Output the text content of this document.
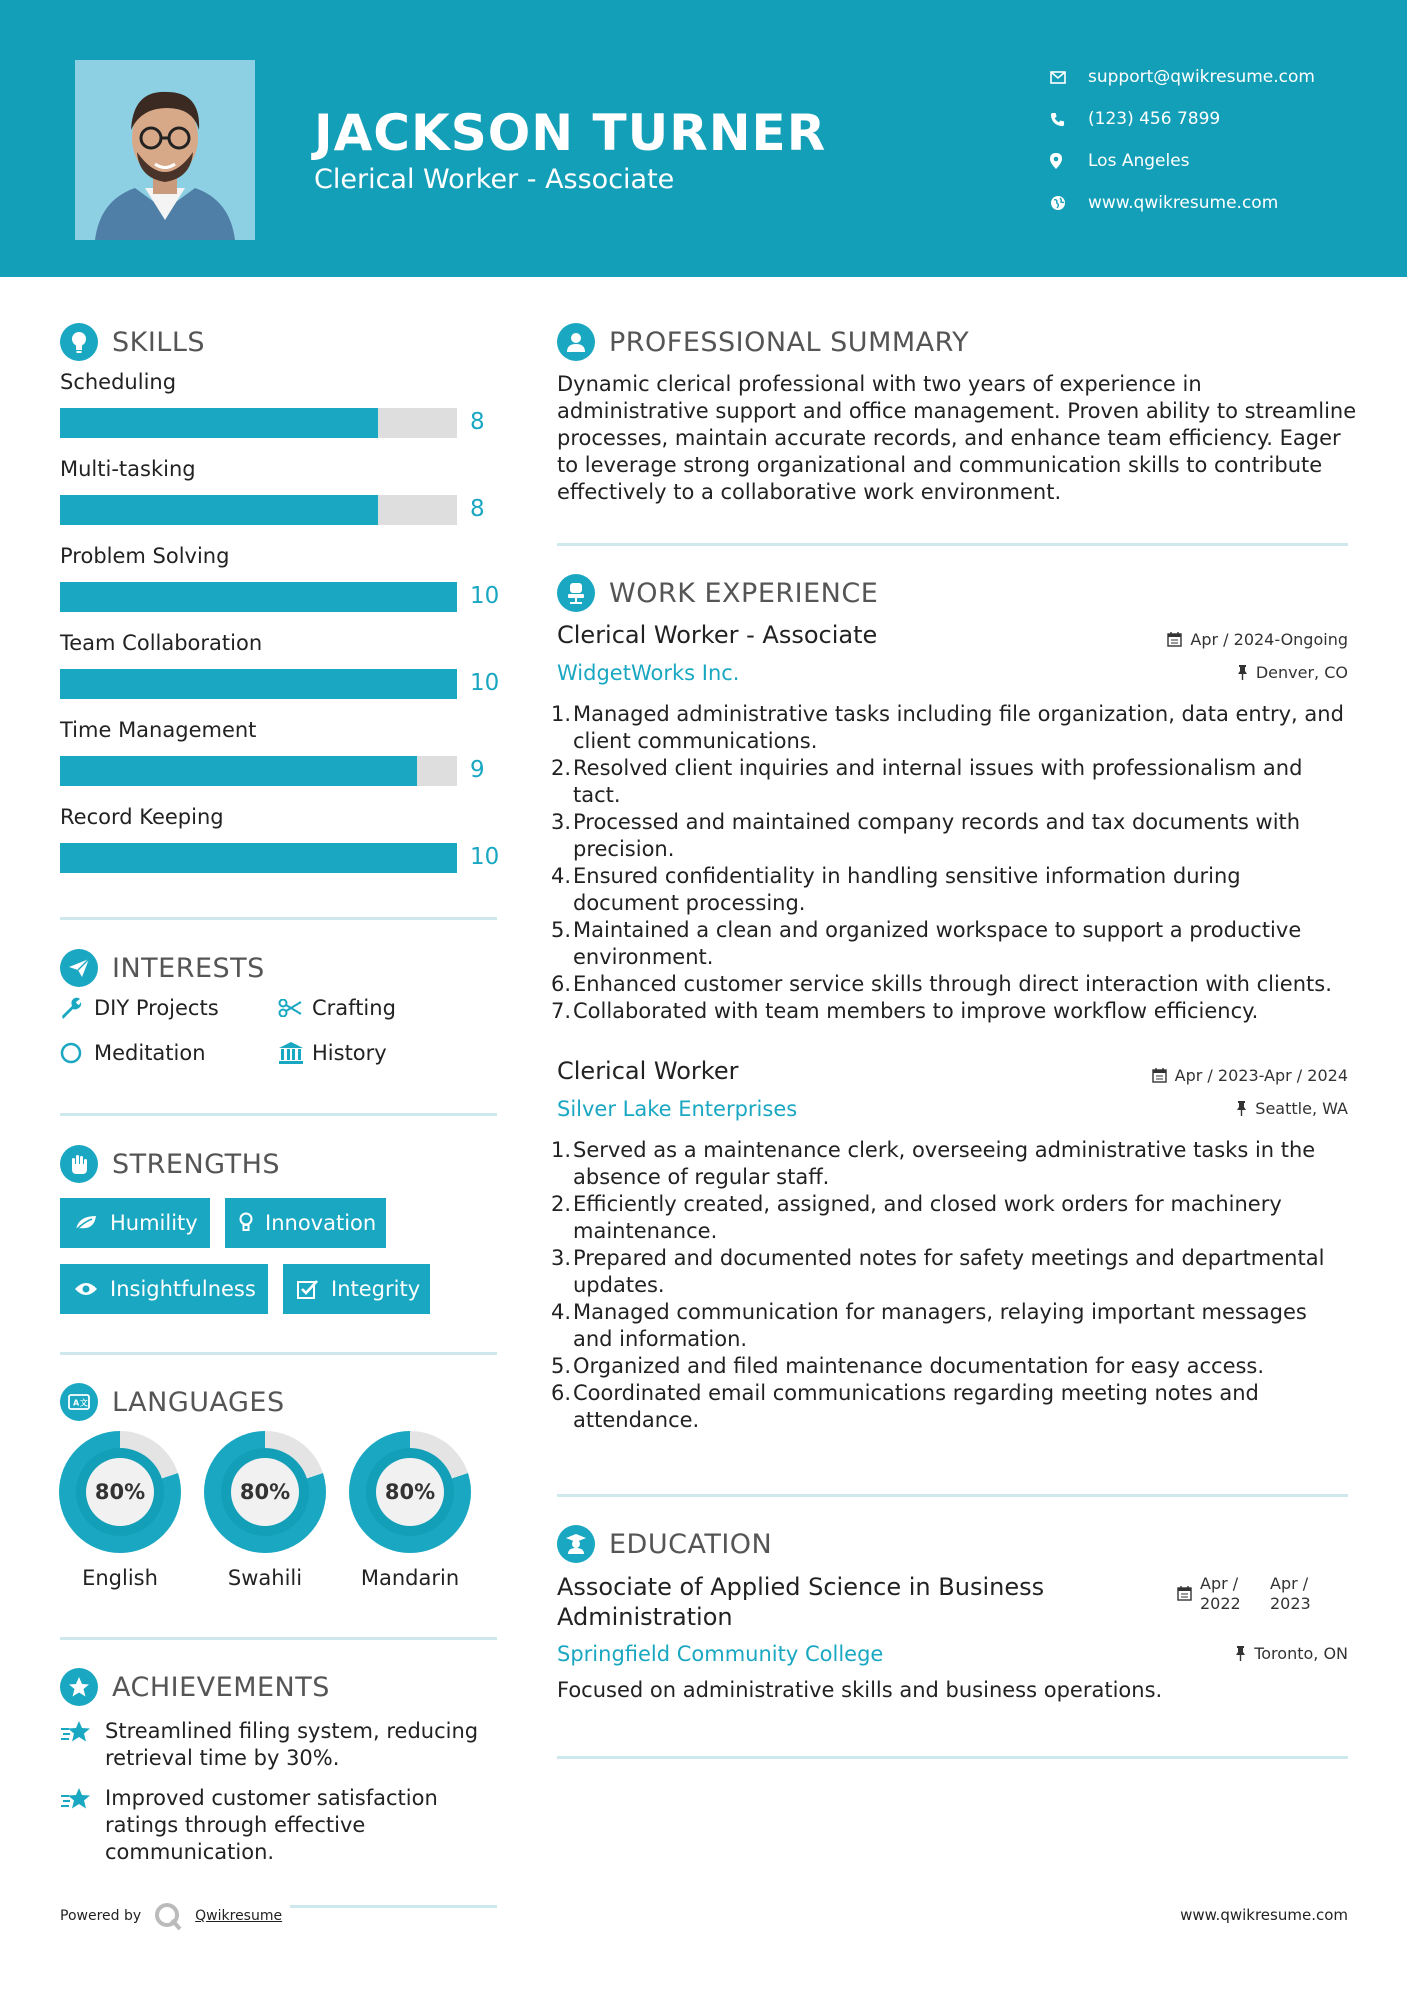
JACKSON TURNER
Clerical Worker - Associate
support@qwikresume.com
(123) 456 7899
Los Angeles
www.qwikresume.com
SKILLS
Scheduling
8
Multi-tasking
8
Problem Solving
10
Team Collaboration
10
Time Management
9
Record Keeping
10
INTERESTS
DIY Projects	Crafting
Meditation	History
STRENGTHS
Humility	Innovation
Insightfulness	Integrity
A文 LANGUAGES
80%
English
80%
Swahili
80%
Mandarin
ACHIEVEMENTS
Streamlined filing system, reducing retrieval time by 30%.
Improved customer satisfaction ratings through effective communication.
PROFESSIONAL SUMMARY
Dynamic clerical professional with two years of experience in administrative support and office management. Proven ability to streamline processes, maintain accurate records, and enhance team efficiency. Eager to leverage strong organizational and communication skills to contribute effectively to a collaborative work environment.
WORK EXPERIENCE
Clerical Worker - Associate	Apr / 2024-Ongoing
WidgetWorks Inc.	Denver, CO
1. Managed administrative tasks including file organization, data entry, and client communications.
2. Resolved client inquiries and internal issues with professionalism and tact.
3. Processed and maintained company records and tax documents with precision.
4. Ensured confidentiality in handling sensitive information during document processing.
5. Maintained a clean and organized workspace to support a productive environment.
6. Enhanced customer service skills through direct interaction with clients.
7. Collaborated with team members to improve workflow efficiency.
Clerical Worker	Apr / 2023-Apr / 2024
Silver Lake Enterprises	Seattle, WA
1. Served as a maintenance clerk, overseeing administrative tasks in the absence of regular staff.
2. Efficiently created, assigned, and closed work orders for machinery maintenance.
3. Prepared and documented notes for safety meetings and departmental updates.
4. Managed communication for managers, relaying important messages and information.
5. Organized and filed maintenance documentation for easy access.
6. Coordinated email communications regarding meeting notes and attendance.
EDUCATION
Associate of Applied Science in Business Administration
Apr /
2022
Apr /
2023
Springfield Community College	Toronto, ON
Focused on administrative skills and business operations.
Powered by	Qwikresume	www.qwikresume.com
